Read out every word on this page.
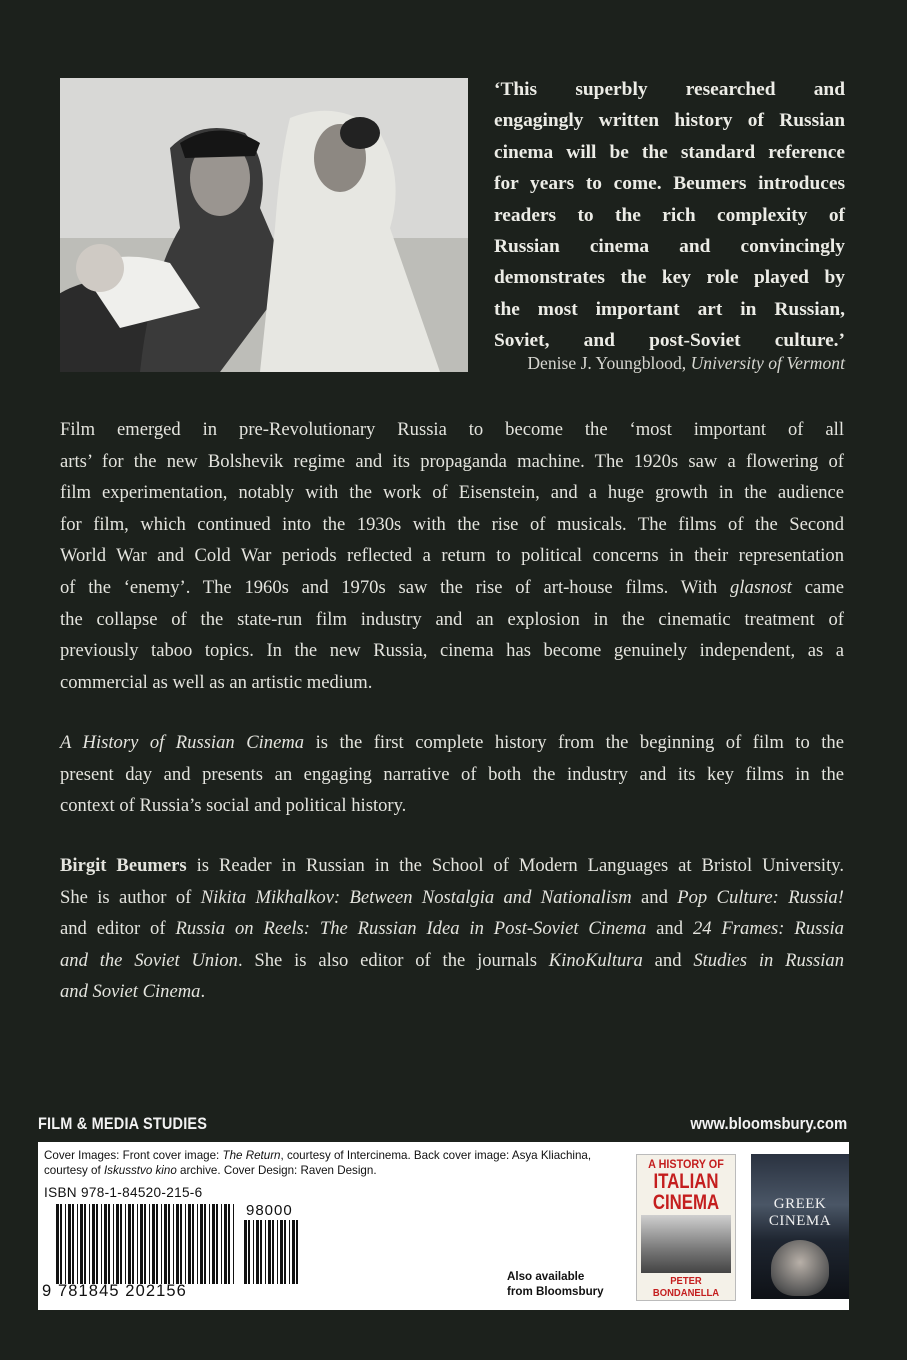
‘This superbly researched and
engagingly written history of Russian
cinema will be the standard reference
for years to come. Beumers introduces
readers to the rich complexity of
Russian cinema and convincingly
demonstrates the key role played by
the most important art in Russian,
Soviet, and post-Soviet culture.’
Denise J. Youngblood, University of Vermont
Film emerged in pre-Revolutionary Russia to become the ‘most important of all
arts’ for the new Bolshevik regime and its propaganda machine. The 1920s saw a flowering of
film experimentation, notably with the work of Eisenstein, and a huge growth in the audience
for film, which continued into the 1930s with the rise of musicals. The films of the Second
World War and Cold War periods reflected a return to political concerns in their representation
of the ‘enemy’. The 1960s and 1970s saw the rise of art-house films. With glasnost came
the collapse of the state-run film industry and an explosion in the cinematic treatment of
previously taboo topics. In the new Russia, cinema has become genuinely independent, as a
commercial as well as an artistic medium.
A History of Russian Cinema is the first complete history from the beginning of film to the
present day and presents an engaging narrative of both the industry and its key films in the
context of Russia’s social and political history.
Birgit Beumers is Reader in Russian in the School of Modern Languages at Bristol University.
She is author of Nikita Mikhalkov: Between Nostalgia and Nationalism and Pop Culture: Russia!
and editor of Russia on Reels: The Russian Idea in Post-Soviet Cinema and 24 Frames: Russia
and the Soviet Union. She is also editor of the journals KinoKultura and Studies in Russian
and Soviet Cinema.
FILM & MEDIA STUDIES	www.bloomsbury.com
Cover Images: Front cover image: The Return, courtesy of Intercinema. Back cover image: Asya Kliachina,
courtesy of Iskusstvo kino archive. Cover Design: Raven Design.
ISBN 978-1-84520-215-6
98000
9 781845 202156
Also available
from Bloomsbury
A HISTORY OF
ITALIAN
CINEMA
PETER BONDANELLA
GREEK
CINEMA
